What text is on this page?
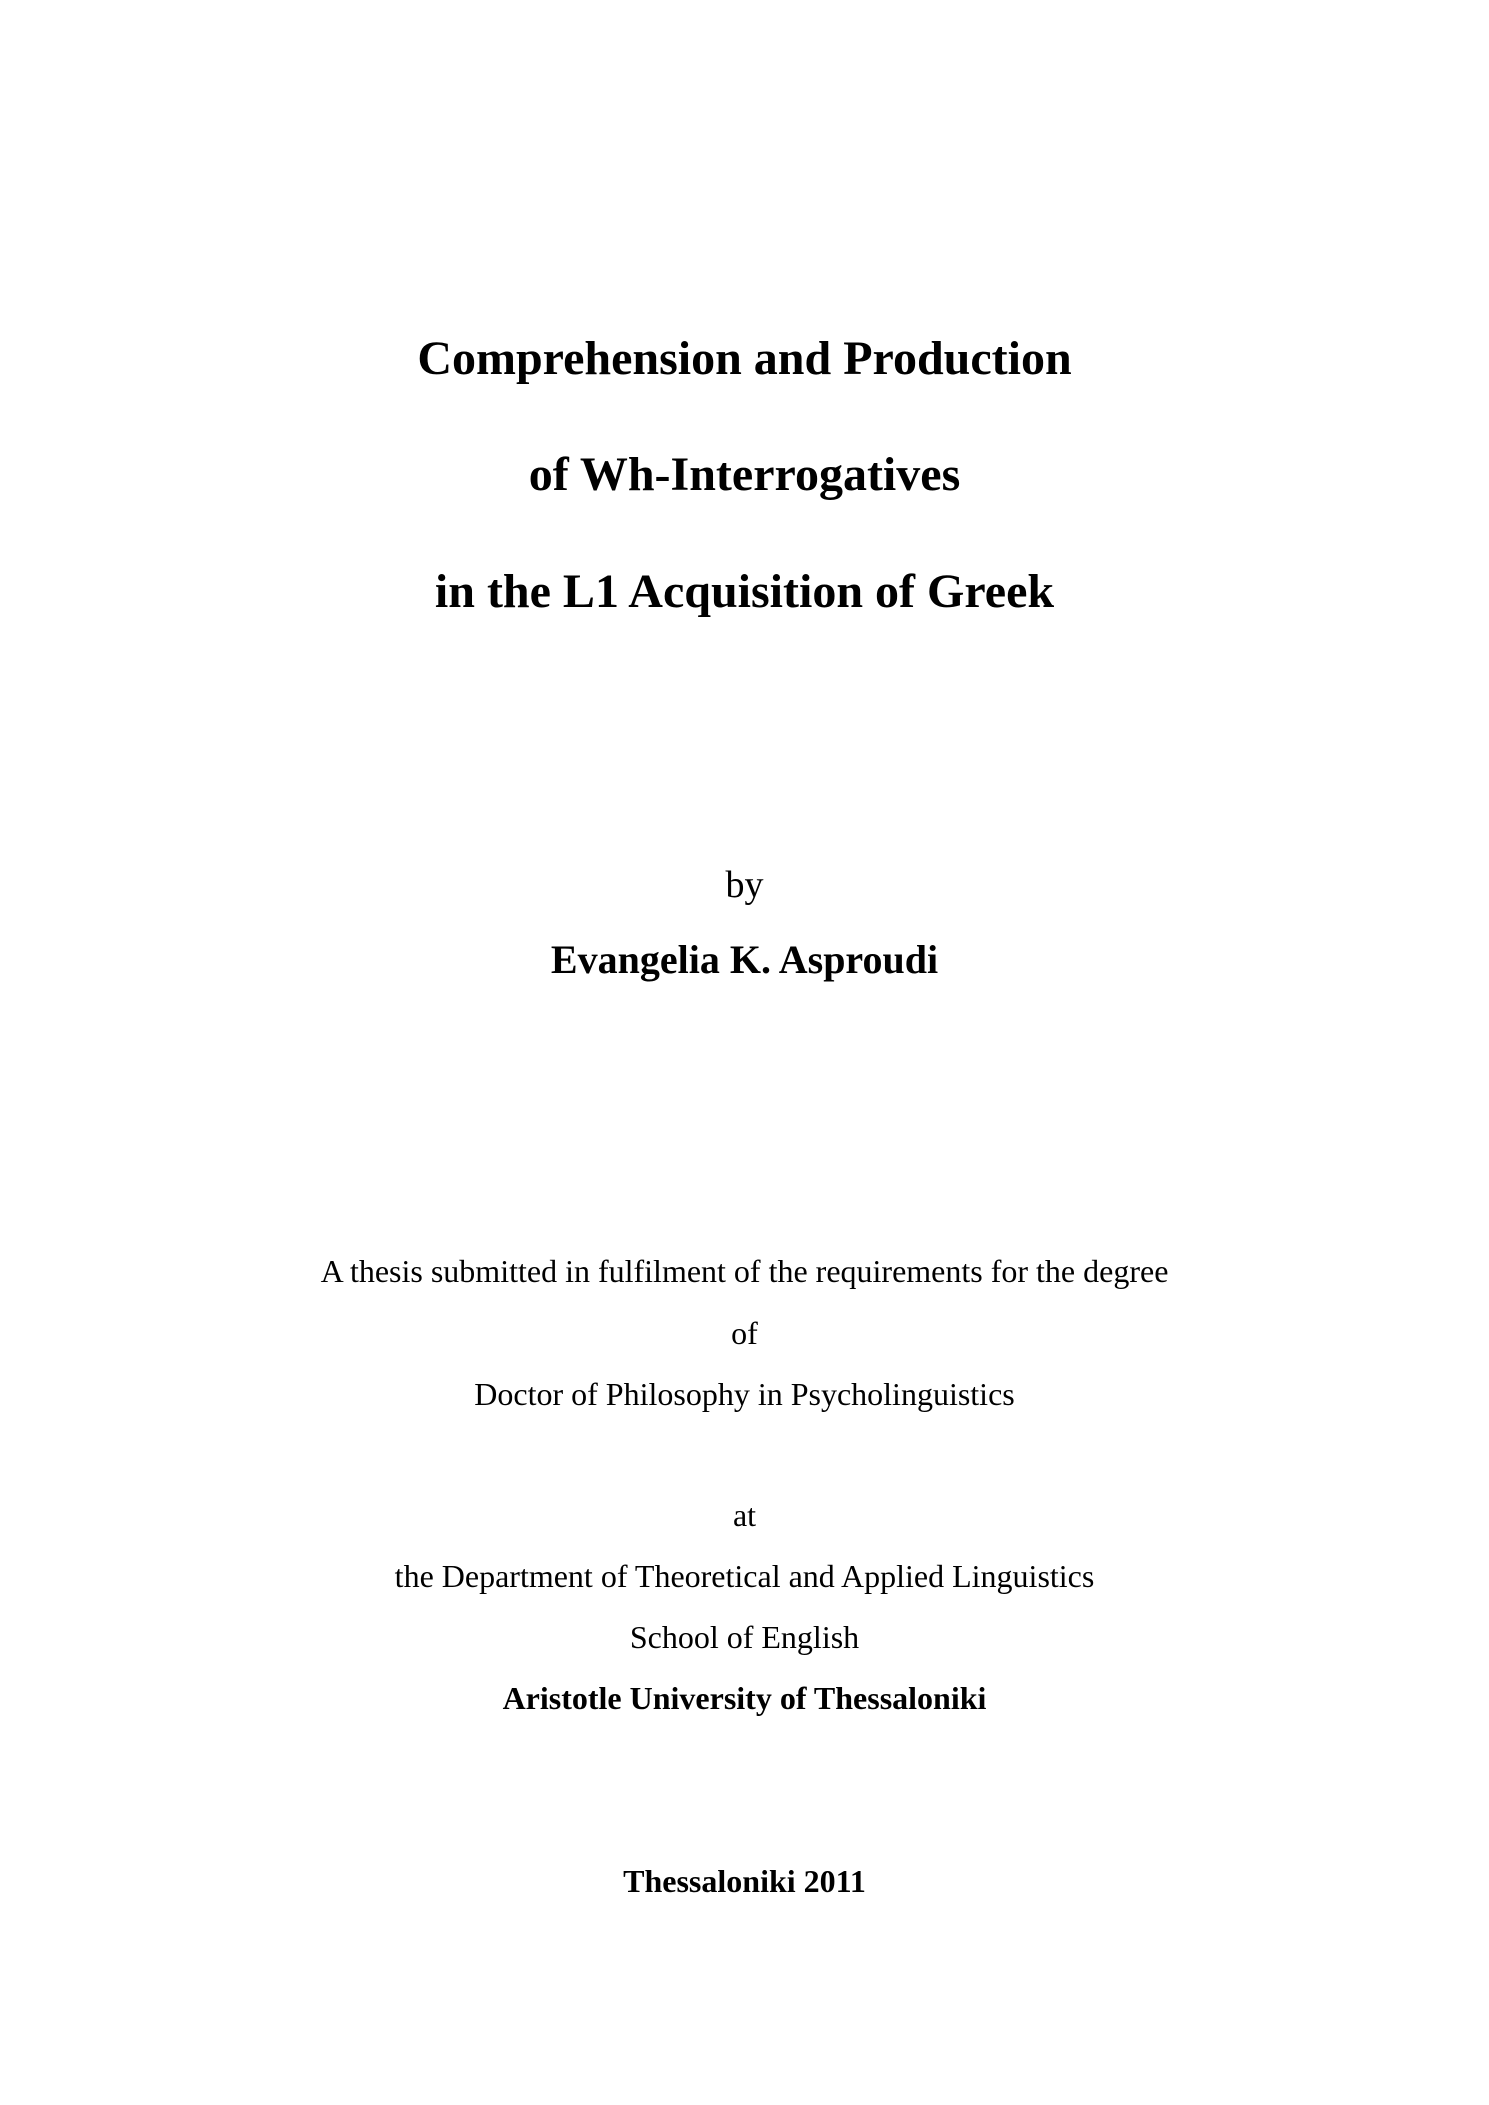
Comprehension and Production
of Wh-Interrogatives
in the L1 Acquisition of Greek
by
Evangelia K. Asproudi
A thesis submitted in fulfilment of the requirements for the degree
of
Doctor of Philosophy in Psycholinguistics
at
the Department of Theoretical and Applied Linguistics
School of English
Aristotle University of Thessaloniki
Thessaloniki 2011
